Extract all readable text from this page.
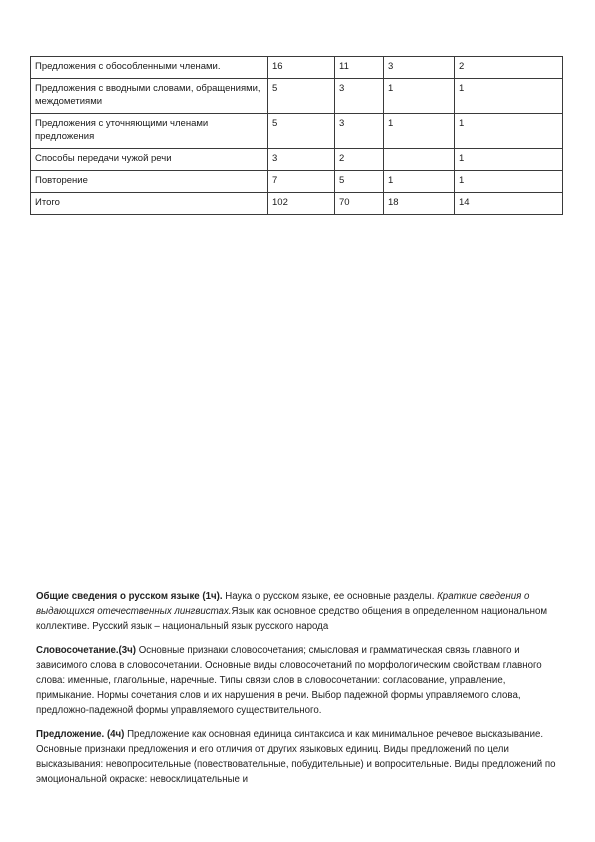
Предложения с обособленными членами.	16	11	3	2
Предложения с вводными словами, обращениями, междометиями	5	3	1	1
Предложения с уточняющими членами предложения	5	3	1	1
Способы передачи чужой речи	3	2		1
Повторение	7	5	1	1
Итого	102	70	18	14

Общие сведения о русском языке (1ч). Наука о русском языке, ее основные разделы. Краткие сведения о выдающихся отечественных лингвистах.Язык как основное средство общения в определенном национальном коллективе. Русский язык – национальный язык русского народа

Словосочетание.(3ч) Основные признаки словосочетания; смысловая и грамматическая связь главного и зависимого слова в словосочетании. Основные виды словосочетаний по морфологическим свойствам главного слова: именные, глагольные, наречные. Типы связи слов в словосочетании: согласование, управление, примыкание. Нормы сочетания слов и их нарушения в речи. Выбор падежной формы управляемого слова, предложно-падежной формы управляемого существительного.

Предложение. (4ч) Предложение как основная единица синтаксиса и как минимальное речевое высказывание. Основные признаки предложения и его отличия от других языковых единиц. Виды предложений по цели высказывания: невопросительные (повествовательные, побудительные) и вопросительные. Виды предложений по эмоциональной окраске: невосклицательные и
